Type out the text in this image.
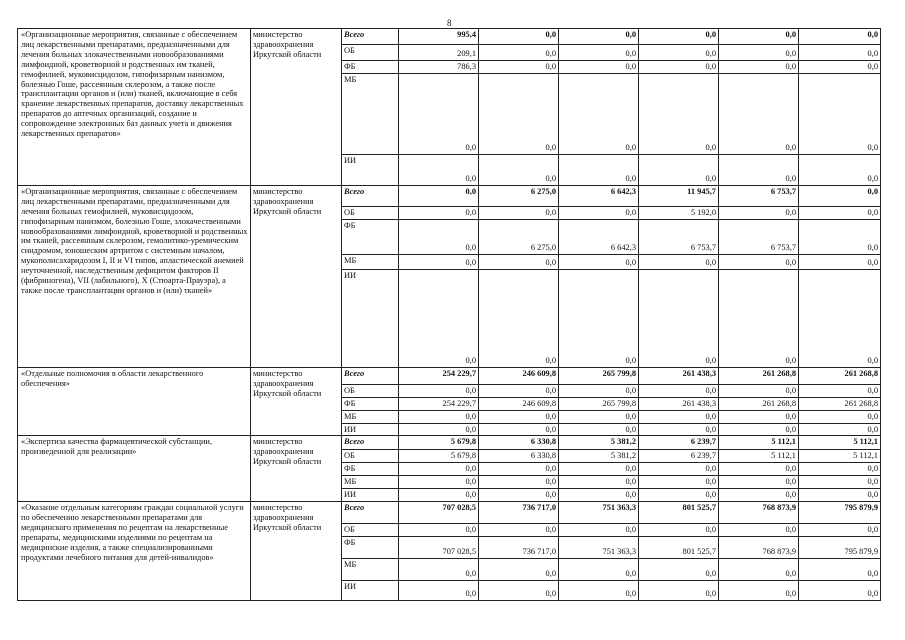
8
«Организационные мероприятия, связанные с обеспечением лиц лекарственными препаратами, предназначенными для лечения больных злокачественными новообразованиями лимфоидной, кроветворной и родственных им тканей, гемофилией, муковисцидозом, гипофизарным нанизмом, болезнью Гоше, рассеянным склерозом, а также после трансплантации органов и (или) тканей, включающие в себя хранение лекарственных препаратов, доставку лекарственных препаратов до аптечных организаций, создание и сопровождение электронных баз данных учета и движения лекарственных препаратов»	министерство здравоохранения Иркутской области	Всего	995,4	0,0	0,0	0,0	0,0	0,0
		ОБ	209,1	0,0	0,0	0,0	0,0	0,0
		ФБ	786,3	0,0	0,0	0,0	0,0	0,0
		МБ	0,0	0,0	0,0	0,0	0,0	0,0
		ИИ	0,0	0,0	0,0	0,0	0,0	0,0
«Организационные мероприятия, связанные с обеспечением лиц лекарственными препаратами, предназначенными для лечения больных гемофилией, муковисцидозом, гипофизарным нанизмом, болезнью Гоше, злокачественными новообразованиями лимфоидной, кроветворной и родственных им тканей, рассеянным склерозом, гемолитико-уремическим синдромом, юношеским артритом с системным началом, мукополисахаридозом I, II и VI типов, апластической анемией неуточненной, наследственным дефицитом факторов II (фибриногена), VII (лабильного), X (Стюарта-Прауэра), а также после трансплантации органов и (или) тканей»	министерство здравоохранения Иркутской области	Всего	0,0	6 275,0	6 642,3	11 945,7	6 753,7	0,0
		ОБ	0,0	0,0	0,0	5 192,0	0,0	0,0
		ФБ	0,0	6 275,0	6 642,3	6 753,7	6 753,7	0,0
		МБ	0,0	0,0	0,0	0,0	0,0	0,0
		ИИ	0,0	0,0	0,0	0,0	0,0	0,0
«Отдельные полномочия в области лекарственного обеспечения»	министерство здравоохранения Иркутской области	Всего	254 229,7	246 609,8	265 799,8	261 438,3	261 268,8	261 268,8
		ОБ	0,0	0,0	0,0	0,0	0,0	0,0
		ФБ	254 229,7	246 609,8	265 799,8	261 438,3	261 268,8	261 268,8
		МБ	0,0	0,0	0,0	0,0	0,0	0,0
		ИИ	0,0	0,0	0,0	0,0	0,0	0,0
«Экспертиза качества фармацевтической субстанции, произведенной для реализации»	министерство здравоохранения Иркутской области	Всего	5 679,8	6 330,8	5 381,2	6 239,7	5 112,1	5 112,1
		ОБ	5 679,8	6 330,8	5 381,2	6 239,7	5 112,1	5 112,1
		ФБ	0,0	0,0	0,0	0,0	0,0	0,0
		МБ	0,0	0,0	0,0	0,0	0,0	0,0
		ИИ	0,0	0,0	0,0	0,0	0,0	0,0
«Оказание отдельным категориям граждан социальной услуги по обеспечению лекарственными препаратами для медицинского применения по рецептам на лекарственные препараты, медицинскими изделиями по рецептам на медицинские изделия, а также специализированными продуктами лечебного питания для детей-инвалидов»	министерство здравоохранения Иркутской области	Всего	707 028,5	736 717,0	751 363,3	801 525,7	768 873,9	795 879,9
		ОБ	0,0	0,0	0,0	0,0	0,0	0,0
		ФБ	707 028,5	736 717,0	751 363,3	801 525,7	768 873,9	795 879,9
		МБ	0,0	0,0	0,0	0,0	0,0	0,0
		ИИ	0,0	0,0	0,0	0,0	0,0	0,0
